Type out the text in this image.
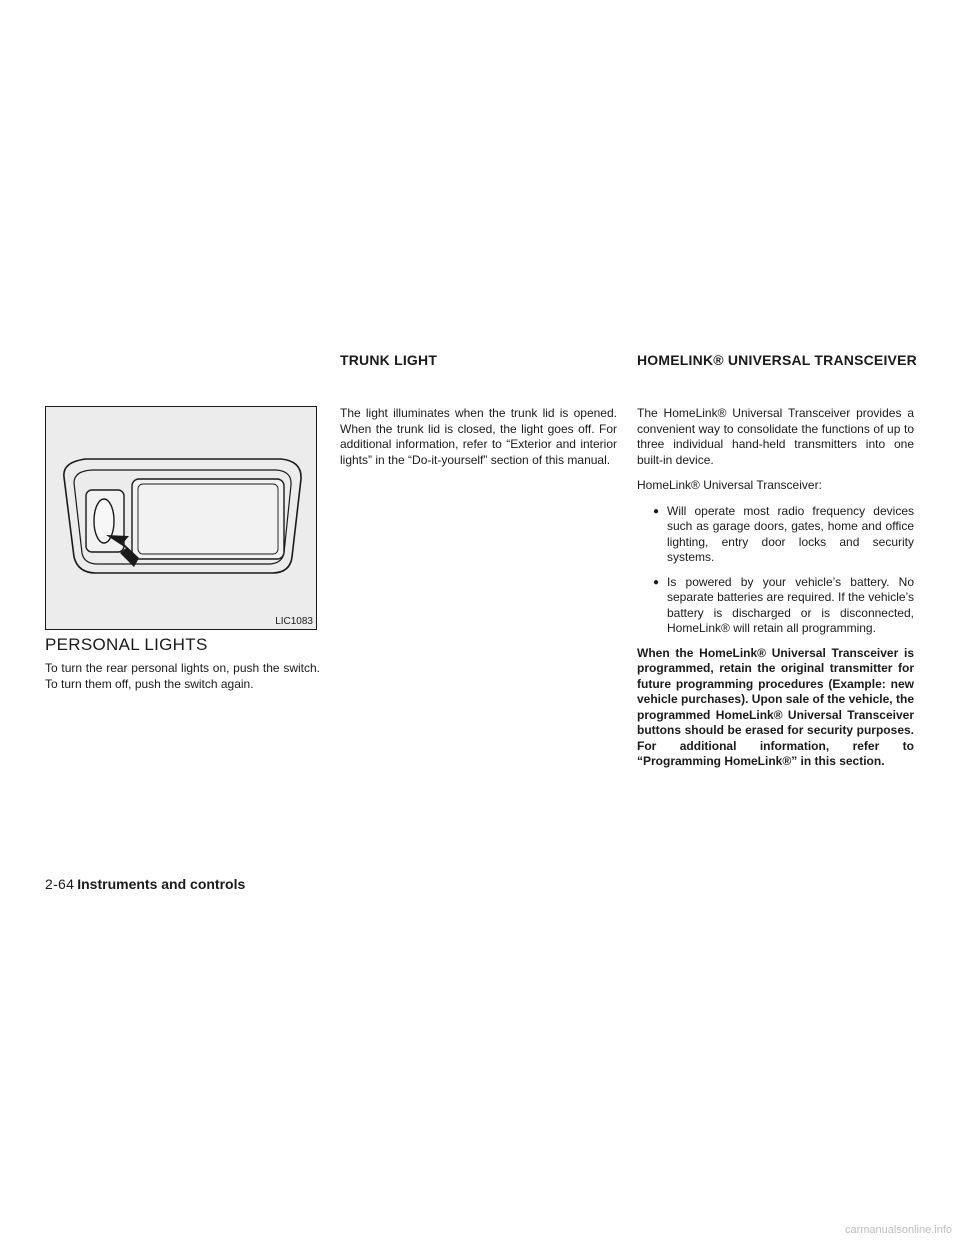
LIC1083
PERSONAL LIGHTS

To turn the rear personal lights on, push the switch. To turn them off, push the switch again.

TRUNK LIGHT

The light illuminates when the trunk lid is opened. When the trunk lid is closed, the light goes off. For additional information, refer to “Exterior and interior lights” in the “Do-it-yourself” section of this manual.

HOMELINK® UNIVERSAL TRANSCEIVER

The HomeLink® Universal Transceiver provides a convenient way to consolidate the functions of up to three individual hand-held transmitters into one built-in device.

HomeLink® Universal Transceiver:

● Will operate most radio frequency devices such as garage doors, gates, home and office lighting, entry door locks and security systems.
● Is powered by your vehicle’s battery. No separate batteries are required. If the vehicle’s battery is discharged or is disconnected, HomeLink® will retain all programming.

When the HomeLink® Universal Transceiver is programmed, retain the original transmitter for future programming procedures (Example: new vehicle purchases). Upon sale of the vehicle, the programmed HomeLink® Universal Transceiver buttons should be erased for security purposes. For additional information, refer to “Programming HomeLink®” in this section.

2-64 Instruments and controls
carmanualsonline.info
